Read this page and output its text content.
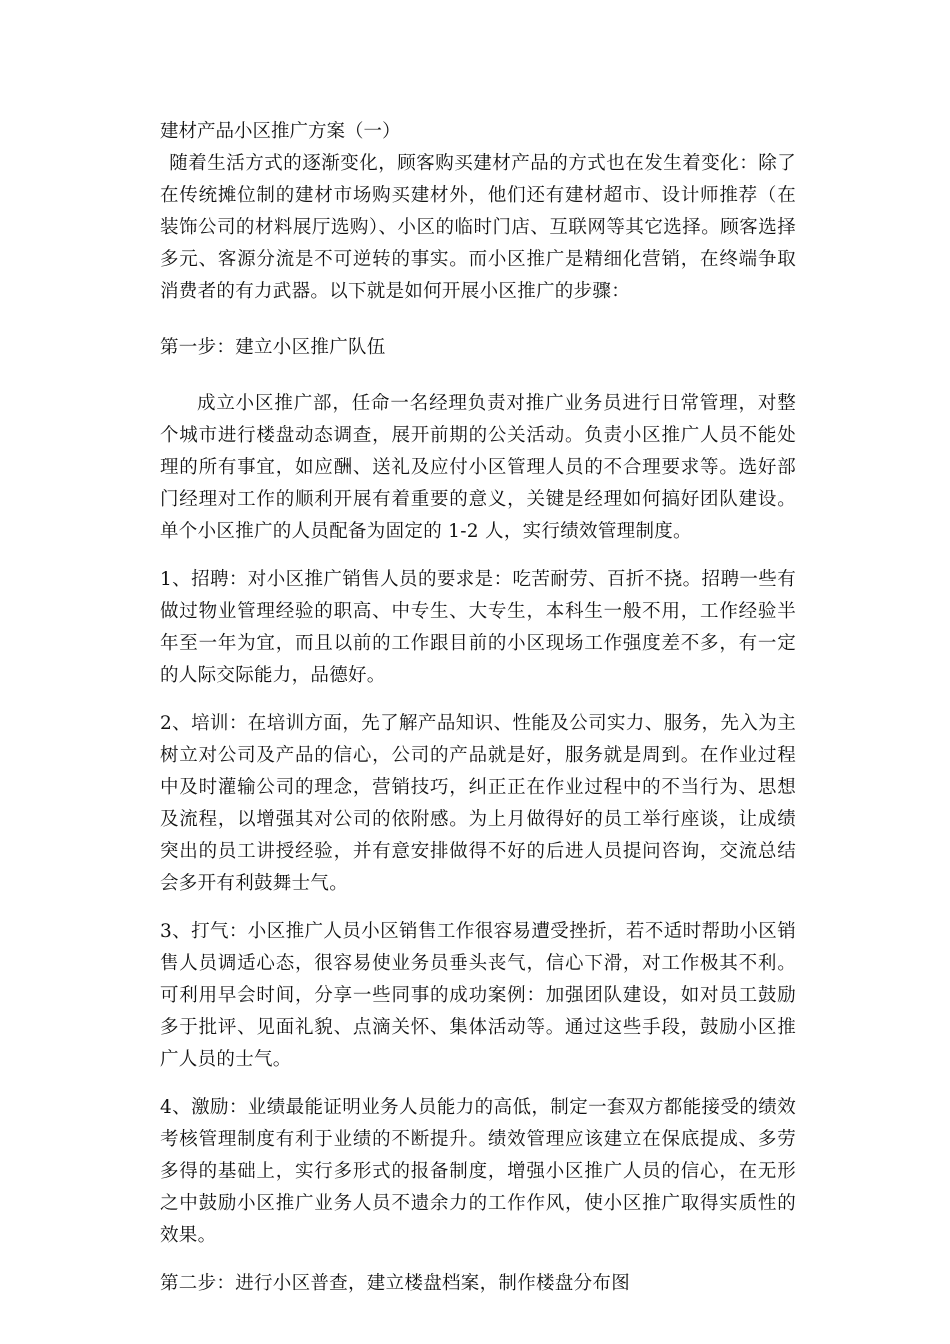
建材产品小区推广方案（一）

随着生活方式的逐渐变化，顾客购买建材产品的方式也在发生着变化：除了在传统摊位制的建材市场购买建材外，他们还有建材超市、设计师推荐（在装饰公司的材料展厅选购）、小区的临时门店、互联网等其它选择。顾客选择多元、客源分流是不可逆转的事实。而小区推广是精细化营销，在终端争取消费者的有力武器。以下就是如何开展小区推广的步骤：

第一步：建立小区推广队伍

成立小区推广部，任命一名经理负责对推广业务员进行日常管理，对整个城市进行楼盘动态调查，展开前期的公关活动。负责小区推广人员不能处理的所有事宜，如应酬、送礼及应付小区管理人员的不合理要求等。选好部门经理对工作的顺利开展有着重要的意义，关键是经理如何搞好团队建设。单个小区推广的人员配备为固定的 1-2 人，实行绩效管理制度。

1、招聘：对小区推广销售人员的要求是：吃苦耐劳、百折不挠。招聘一些有做过物业管理经验的职高、中专生、大专生，本科生一般不用，工作经验半年至一年为宜，而且以前的工作跟目前的小区现场工作强度差不多，有一定的人际交际能力，品德好。

2、培训：在培训方面，先了解产品知识、性能及公司实力、服务，先入为主树立对公司及产品的信心，公司的产品就是好，服务就是周到。在作业过程中及时灌输公司的理念，营销技巧，纠正正在作业过程中的不当行为、思想及流程，以增强其对公司的依附感。为上月做得好的员工举行座谈，让成绩突出的员工讲授经验，并有意安排做得不好的后进人员提问咨询，交流总结会多开有利鼓舞士气。

3、打气：小区推广人员小区销售工作很容易遭受挫折，若不适时帮助小区销售人员调适心态，很容易使业务员垂头丧气，信心下滑，对工作极其不利。可利用早会时间，分享一些同事的成功案例：加强团队建设，如对员工鼓励多于批评、见面礼貌、点滴关怀、集体活动等。通过这些手段，鼓励小区推广人员的士气。

4、激励：业绩最能证明业务人员能力的高低，制定一套双方都能接受的绩效考核管理制度有利于业绩的不断提升。绩效管理应该建立在保底提成、多劳多得的基础上，实行多形式的报备制度，增强小区推广人员的信心，在无形之中鼓励小区推广业务人员不遗余力的工作作风，使小区推广取得实质性的效果。

第二步：进行小区普查，建立楼盘档案，制作楼盘分布图
